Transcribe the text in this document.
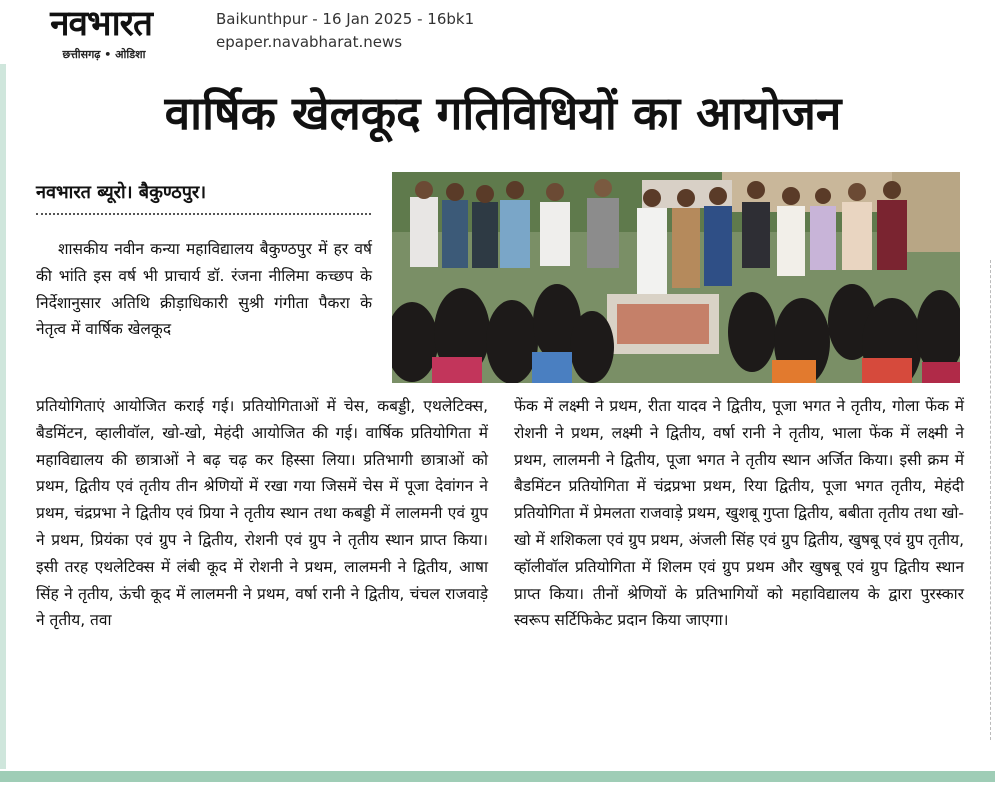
नवभारत
छत्तीसगढ़ • ओडिशा
Baikunthpur - 16 Jan 2025 - 16bk1
epaper.navabharat.news
वार्षिक खेलकूद गतिविधियों का आयोजन
नवभारत ब्यूरो। बैकुण्ठपुर।

शासकीय नवीन कन्या महाविद्यालय बैकुण्ठपुर में हर वर्ष की भांति इस वर्ष भी प्राचार्य डॉ. रंजना नीलिमा कच्छप के निर्देशानुसार अतिथि क्रीड़ाधिकारी सुश्री गंगीता पैकरा के नेतृत्व में वार्षिक खेलकूद

प्रतियोगिताएं आयोजित कराई गई। प्रतियोगिताओं में चेस, कबड्डी, एथलेटिक्स, बैडमिंटन, व्हालीवॉल, खो-खो, मेहंदी आयोजित की गई। वार्षिक प्रतियोगिता में महाविद्यालय की छात्राओं ने बढ़ चढ़ कर हिस्सा लिया। प्रतिभागी छात्राओं को प्रथम, द्वितीय एवं तृतीय तीन श्रेणियों में रखा गया जिसमें चेस में पूजा देवांगन ने प्रथम, चंद्रप्रभा ने द्वितीय एवं प्रिया ने तृतीय स्थान तथा कबड्डी में लालमनी एवं ग्रुप ने प्रथम, प्रियंका एवं ग्रुप ने द्वितीय, रोशनी एवं ग्रुप ने तृतीय स्थान प्राप्त किया। इसी तरह एथलेटिक्स में लंबी कूद में रोशनी ने प्रथम, लालमनी ने द्वितीय, आषा सिंह ने तृतीय, ऊंची कूद में लालमनी ने प्रथम, वर्षा रानी ने द्वितीय, चंचल राजवाड़े ने तृतीय, तवा

फेंक में लक्ष्मी ने प्रथम, रीता यादव ने द्वितीय, पूजा भगत ने तृतीय, गोला फेंक में रोशनी ने प्रथम, लक्ष्मी ने द्वितीय, वर्षा रानी ने तृतीय, भाला फेंक में लक्ष्मी ने प्रथम, लालमनी ने द्वितीय, पूजा भगत ने तृतीय स्थान अर्जित किया। इसी क्रम में बैडमिंटन प्रतियोगिता में चंद्रप्रभा प्रथम, रिया द्वितीय, पूजा भगत तृतीय, मेहंदी प्रतियोगिता में प्रेमलता राजवाड़े प्रथम, खुशबू गुप्ता द्वितीय, बबीता तृतीय तथा खो-खो में शशिकला एवं ग्रुप प्रथम, अंजली सिंह एवं ग्रुप द्वितीय, खुषबू एवं ग्रुप तृतीय, व्हॉलीवॉल प्रतियोगिता में शिलम एवं ग्रुप प्रथम और खुषबू एवं ग्रुप द्वितीय स्थान प्राप्त किया। तीनों श्रेणियों के प्रतिभागियों को महाविद्यालय के द्वारा पुरस्कार स्वरूप सर्टिफिकेट प्रदान किया जाएगा।
